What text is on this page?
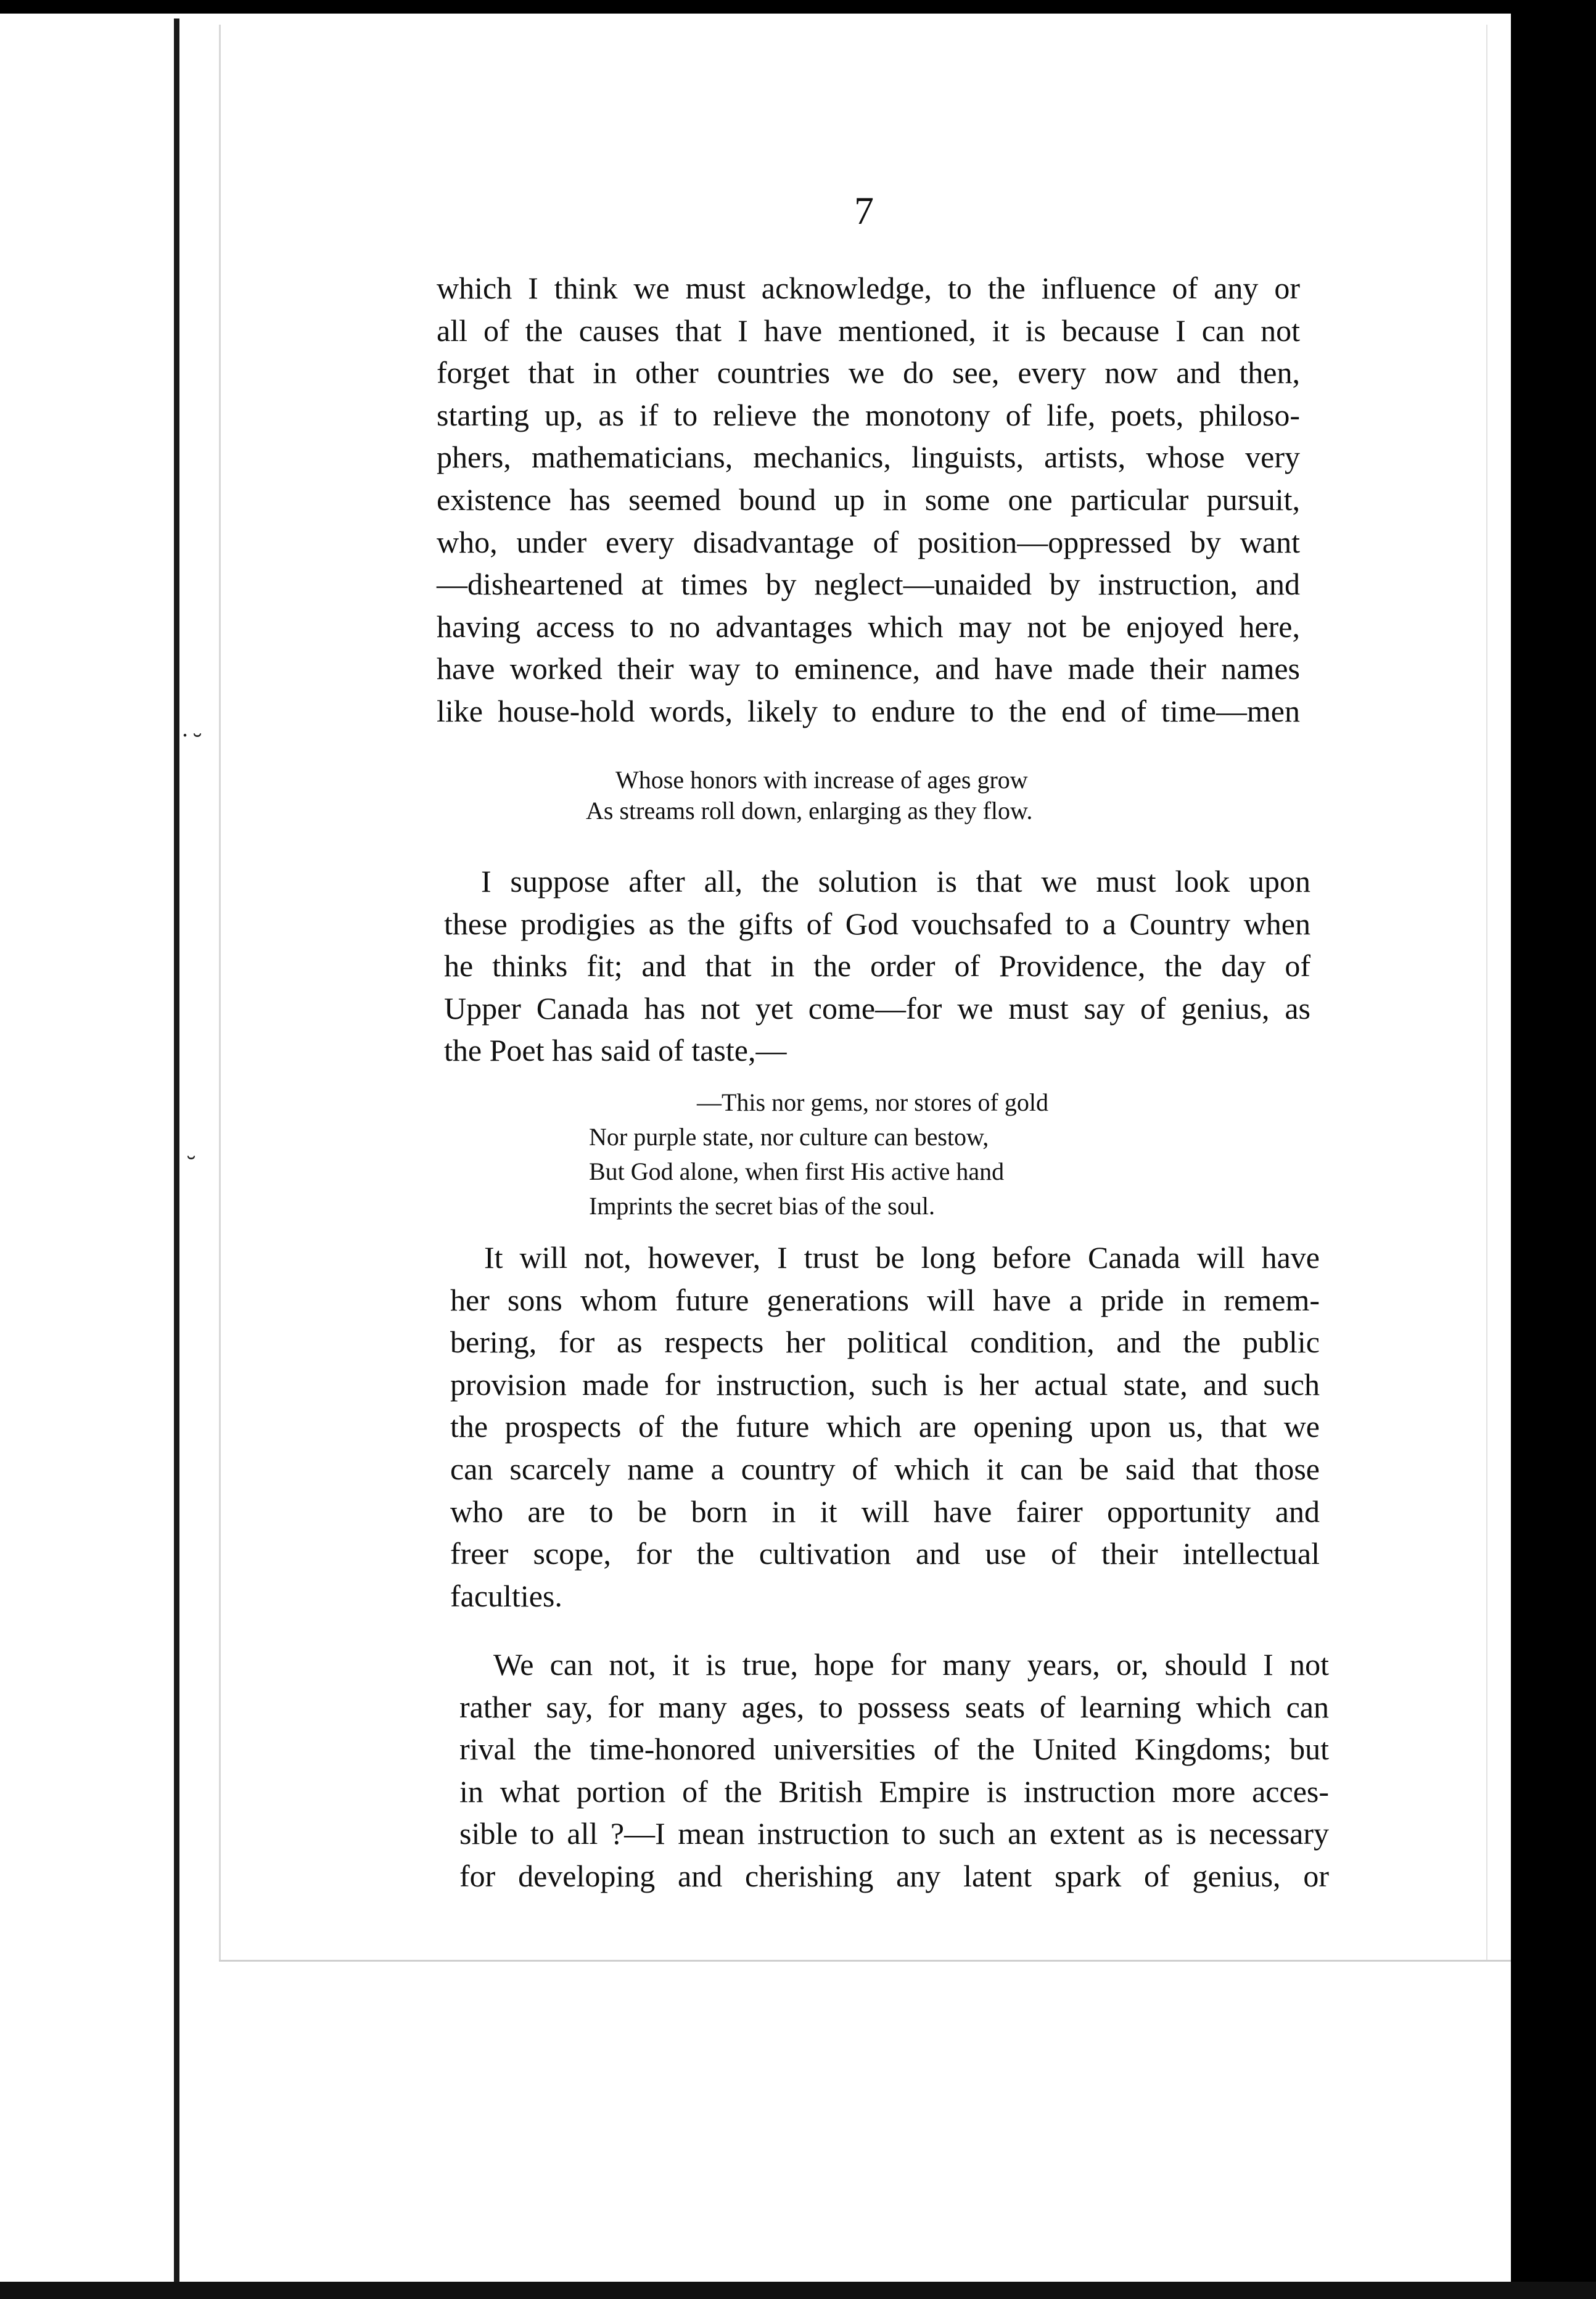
˙˘
˘
7
which I think we must acknowledge, to the influence of any or
all of the causes that I have mentioned, it is because I can not
forget that in other countries we do see, every now and then,
starting up, as if to relieve the monotony of life, poets, philoso-
phers, mathematicians, mechanics, linguists, artists, whose very
existence has seemed bound up in some one particular pursuit,
who, under every disadvantage of position—oppressed by want
—disheartened at times by neglect—unaided by instruction, and
having access to no advantages which may not be enjoyed here,
have worked their way to eminence, and have made their names
like house-hold words, likely to endure to the end of time—men
Whose honors with increase of ages grow
As streams roll down, enlarging as they flow.
I suppose after all, the solution is that we must look upon
these prodigies as the gifts of God vouchsafed to a Country when
he thinks fit; and that in the order of Providence, the day of
Upper Canada has not yet come—for we must say of genius, as
the Poet has said of taste,—
—This nor gems, nor stores of gold
Nor purple state, nor culture can bestow,
But God alone, when first His active hand
Imprints the secret bias of the soul.
It will not, however, I trust be long before Canada will have
her sons whom future generations will have a pride in remem-
bering, for as respects her political condition, and the public
provision made for instruction, such is her actual state, and such
the prospects of the future which are opening upon us, that we
can scarcely name a country of which it can be said that those
who are to be born in it will have fairer opportunity and
freer scope, for the cultivation and use of their intellectual
faculties.
We can not, it is true, hope for many years, or, should I not
rather say, for many ages, to possess seats of learning which can
rival the time-honored universities of the United Kingdoms; but
in what portion of the British Empire is instruction more acces-
sible to all ?—I mean instruction to such an extent as is necessary
for developing and cherishing any latent spark of genius, or
